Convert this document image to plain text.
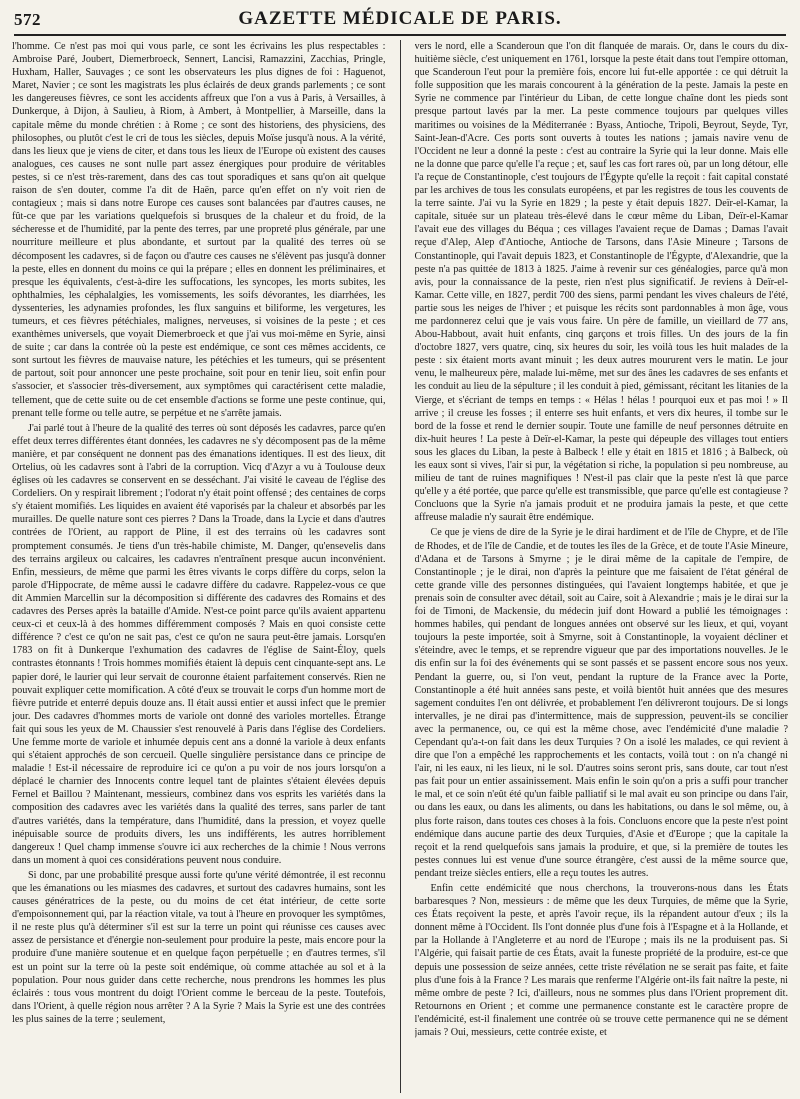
572	GAZETTE MÉDICALE DE PARIS.

l'homme. Ce n'est pas moi qui vous parle, ce sont les écrivains les plus respectables : Ambroise Paré, Joubert, Diemerbroeck, Sennert, Lancisi, Ramazzini, Zacchias, Pringle, Huxham, Haller, Sauvages ; ce sont les observateurs les plus dignes de foi : Haguenot, Maret, Navier ; ce sont les magistrats les plus éclairés de deux grands parlements ; ce sont les dangereuses fièvres, ce sont les accidents affreux que l'on a vus à Paris, à Versailles, à Dunkerque, à Dijon, à Saulieu, à Riom, à Ambert, à Montpellier, à Marseille, dans la capitale même du monde chrétien : à Rome ; ce sont des historiens, des physiciens, des philosophes, ou plutôt c'est le cri de tous les siècles, depuis Moïse jusqu'à nous. A la vérité, dans les lieux que je viens de citer, et dans tous les lieux de l'Europe où existent des causes analogues, ces causes ne sont nulle part assez énergiques pour produire de véritables pestes, si ce n'est très-rarement, dans des cas tout sporadiques et sans qu'on ait quelque raison de s'en douter, comme l'a dit de Haën, parce qu'en effet on n'y voit rien de contagieux ; mais si dans notre Europe ces causes sont balancées par d'autres causes, ne fût-ce que par les variations quelquefois si brusques de la chaleur et du froid, de la sécheresse et de l'humidité, par la pente des terres, par une propreté plus générale, par une nourriture meilleure et plus abondante, et surtout par la qualité des terres où se décomposent les cadavres, si de façon ou d'autre ces causes ne s'élèvent pas jusqu'à donner la peste, elles en donnent du moins ce qui la prépare ; elles en donnent les préliminaires, et presque les équivalents, c'est-à-dire les suffocations, les syncopes, les morts subites, les ophthalmies, les céphalalgies, les vomissements, les soifs dévorantes, les diarrhées, les dyssenteries, les adynamies profondes, les flux sanguins et biliforme, les vergetures, les tumeurs, et ces fièvres pétéchiales, malignes, nerveuses, si voisines de la peste ; et ces exanthèmes universels, que voyait Diemerbroeck et que j'ai vus moi-même en Syrie, ainsi de suite ; car dans la contrée où la peste est endémique, ce sont ces mêmes accidents, ce sont surtout les fièvres de mauvaise nature, les pétéchies et les tumeurs, qui se présentent de partout, soit pour annoncer une peste prochaine, soit pour en tenir lieu, soit enfin pour s'associer, et s'associer très-diversement, aux symptômes qui caractérisent cette maladie, tellement, que de cette suite ou de cet ensemble d'actions se forme une peste continue, qui, prenant telle forme ou telle autre, se perpétue et ne s'arrête jamais.

J'ai parlé tout à l'heure de la qualité des terres où sont déposés les cadavres, parce qu'en effet deux terres différentes étant données, les cadavres ne s'y décomposent pas de la même manière, et par conséquent ne donnent pas des émanations identiques. Il est des lieux, dit Ortelius, où les cadavres sont à l'abri de la corruption. Vicq d'Azyr a vu à Toulouse deux églises où les cadavres se conservent en se desséchant. J'ai visité le caveau de l'église des Cordeliers. On y respirait librement ; l'odorat n'y était point offensé ; des centaines de corps s'y étaient momifiés. Les liquides en avaient été vaporisés par la chaleur et absorbés par les murailles. De quelle nature sont ces pierres ? Dans la Troade, dans la Lycie et dans d'autres contrées de l'Orient, au rapport de Pline, il est des terrains où les cadavres sont promptement consumés. Je tiens d'un très-habile chimiste, M. Danger, qu'ensevelis dans des terrains argileux ou calcaires, les cadavres n'entraînent presque aucun inconvénient. Enfin, messieurs, de même que parmi les êtres vivants le corps diffère du corps, selon la parole d'Hippocrate, de même aussi le cadavre diffère du cadavre. Rappelez-vous ce que dit Ammien Marcellin sur la décomposition si différente des cadavres des Romains et des cadavres des Perses après la bataille d'Amide. N'est-ce point parce qu'ils avaient appartenu ceux-ci et ceux-là à des hommes différemment composés ? Mais en quoi consiste cette différence ? c'est ce qu'on ne sait pas, c'est ce qu'on ne saura peut-être jamais. Lorsqu'en 1783 on fit à Dunkerque l'exhumation des cadavres de l'église de Saint-Éloy, quels contrastes étonnants ! Trois hommes momifiés étaient là depuis cent cinquante-sept ans. Le papier doré, le laurier qui leur servait de couronne étaient parfaitement conservés. Rien ne pouvait expliquer cette momification. A côté d'eux se trouvait le corps d'un homme mort de fièvre putride et enterré depuis douze ans. Il était aussi entier et aussi infect que le premier jour. Des cadavres d'hommes morts de variole ont donné des varioles mortelles. Étrange fait qui sous les yeux de M. Chaussier s'est renouvelé à Paris dans l'église des Cordeliers. Une femme morte de variole et inhumée depuis cent ans a donné la variole à deux enfants qui s'étaient approchés de son cercueil. Quelle singulière persistance dans ce principe de maladie ! Est-il nécessaire de reproduire ici ce qu'on a pu voir de nos jours lorsqu'on a déplacé le charnier des Innocents contre lequel tant de plaintes s'étaient élevées depuis Fernel et Baillou ? Maintenant, messieurs, combinez dans vos esprits les variétés dans la composition des cadavres avec les variétés dans la qualité des terres, sans parler de tant d'autres variétés, dans la température, dans l'humidité, dans la pression, et voyez quelle inépuisable source de produits divers, les uns indifférents, les autres horriblement dangereux ! Quel champ immense s'ouvre ici aux recherches de la chimie ! Nous verrons dans un moment à quoi ces considérations peuvent nous conduire.

Si donc, par une probabilité presque aussi forte qu'une vérité démontrée, il est reconnu que les émanations ou les miasmes des cadavres, et surtout des cadavres humains, sont les causes génératrices de la peste, ou du moins de cet état intérieur, de cette sorte d'empoisonnement qui, par la réaction vitale, va tout à l'heure en provoquer les symptômes, il ne reste plus qu'à déterminer s'il est sur la terre un point qui réunisse ces causes avec assez de persistance et d'énergie non-seulement pour produire la peste, mais encore pour la produire d'une manière soutenue et en quelque façon perpétuelle ; en d'autres termes, s'il est un point sur la terre où la peste soit endémique, où comme attachée au sol et à la population. Pour nous guider dans cette recherche, nous prendrons les hommes les plus éclairés : tous vous montrent du doigt l'Orient comme le berceau de la peste. Toutefois, dans l'Orient, à quelle région nous arrêter ? A la Syrie ? Mais la Syrie est une des contrées les plus saines de la terre ; seulement,

vers le nord, elle a Scanderoun que l'on dit flanquée de marais. Or, dans le cours du dix-huitième siècle, c'est uniquement en 1761, lorsque la peste était dans tout l'empire ottoman, que Scanderoun l'eut pour la première fois, encore lui fut-elle apportée : ce qui détruit la folle supposition que les marais concourent à la génération de la peste. Jamais la peste en Syrie ne commence par l'intérieur du Liban, de cette longue chaîne dont les pieds sont presque partout lavés par la mer. La peste commence toujours par quelques villes maritimes ou voisines de la Méditerranée : Byass, Antioche, Tripoli, Beyrout, Seyde, Tyr, Saint-Jean-d'Acre. Ces ports sont ouverts à toutes les nations ; jamais navire venu de l'Occident ne leur a donné la peste : c'est au contraire la Syrie qui la leur donne. Mais elle ne la donne que parce qu'elle l'a reçue ; et, sauf les cas fort rares où, par un long détour, elle l'a reçue de Constantinople, c'est toujours de l'Égypte qu'elle la reçoit : fait capital constaté par les archives de tous les consulats européens, et par les registres de tous les couvents de la terre sainte. J'ai vu la Syrie en 1829 ; la peste y était depuis 1827. Deïr-el-Kamar, la capitale, située sur un plateau très-élevé dans le cœur même du Liban, Deïr-el-Kamar l'avait eue des villages du Béqua ; ces villages l'avaient reçue de Damas ; Damas l'avait reçue d'Alep, Alep d'Antioche, Antioche de Tarsons, dans l'Asie Mineure ; Tarsons de Constantinople, qui l'avait depuis 1823, et Constantinople de l'Égypte, d'Alexandrie, que la peste n'a pas quittée de 1813 à 1825. J'aime à revenir sur ces généalogies, parce qu'à mon avis, pour la connaissance de la peste, rien n'est plus significatif. Je reviens à Deïr-el-Kamar. Cette ville, en 1827, perdit 700 des siens, parmi pendant les vives chaleurs de l'été, partie sous les neiges de l'hiver ; et puisque les récits sont pardonnables à mon âge, vous me pardonnerez celui que je vais vous faire. Un père de famille, un vieillard de 77 ans, Abou-Habbout, avait huit enfants, cinq garçons et trois filles. Un des jours de la fin d'octobre 1827, vers quatre, cinq, six heures du soir, les voilà tous les huit malades de la peste : six étaient morts avant minuit ; les deux autres moururent vers le matin. Le jour venu, le malheureux père, malade lui-même, met sur des ânes les cadavres de ses enfants et les conduit au lieu de la sépulture ; il les conduit à pied, gémissant, récitant les litanies de la Vierge, et s'écriant de temps en temps : « Hélas ! hélas ! pourquoi eux et pas moi ! » Il arrive ; il creuse les fosses ; il enterre ses huit enfants, et vers dix heures, il tombe sur le bord de la fosse et rend le dernier soupir. Toute une famille de neuf personnes détruite en dix-huit heures ! La peste à Deïr-el-Kamar, la peste qui dépeuple des villages tout entiers sous les glaces du Liban, la peste à Balbeck ! elle y était en 1815 et 1816 ; à Balbeck, où les eaux sont si vives, l'air si pur, la végétation si riche, la population si peu nombreuse, au milieu de tant de ruines magnifiques ! N'est-il pas clair que la peste n'est là que parce qu'elle y a été portée, que parce qu'elle est transmissible, que parce qu'elle est contagieuse ? Concluons que la Syrie n'a jamais produit et ne produira jamais la peste, et que cette affreuse maladie n'y saurait être endémique.

Ce que je viens de dire de la Syrie je le dirai hardiment et de l'île de Chypre, et de l'île de Rhodes, et de l'île de Candie, et de toutes les îles de la Grèce, et de toute l'Asie Mineure, d'Adana et de Tarsons à Smyrne ; je le dirai même de la capitale de l'empire, de Constantinople ; je le dirai, non d'après la peinture que me faisaient de l'état général de cette grande ville des personnes distinguées, qui l'avaient longtemps habitée, et que je prenais soin de consulter avec détail, soit au Caire, soit à Alexandrie ; mais je le dirai sur la foi de Timoni, de Mackensie, du médecin juif dont Howard a publié les témoignages : hommes habiles, qui pendant de longues années ont observé sur les lieux, et qui, voyant toujours la peste importée, soit à Smyrne, soit à Constantinople, la voyaient décliner et s'éteindre, avec le temps, et se reprendre vigueur que par des importations nouvelles. Je le dis enfin sur la foi des événements qui se sont passés et se passent encore sous nos yeux. Pendant la guerre, ou, si l'on veut, pendant la rupture de la France avec la Porte, Constantinople a été huit années sans peste, et voilà bientôt huit années que des mesures sagement conduites l'en ont délivrée, et probablement l'en délivreront toujours. De si longs intervalles, je ne dirai pas d'intermittence, mais de suppression, peuvent-ils se concilier avec la permanence, ou, ce qui est la même chose, avec l'endémicité d'une maladie ? Cependant qu'a-t-on fait dans les deux Turquies ? On a isolé les malades, ce qui revient à dire que l'on a empêché les rapprochements et les contacts, voilà tout : on n'a changé ni l'air, ni les eaux, ni les lieux, ni le sol. D'autres soins seront pris, sans doute, car tout n'est pas fait pour un entier assainissement. Mais enfin le soin qu'on a pris a suffi pour trancher le mal, et ce soin n'eût été qu'un faible palliatif si le mal avait eu son principe ou dans l'air, ou dans les eaux, ou dans les aliments, ou dans les habitations, ou dans le sol même, ou, à plus forte raison, dans toutes ces choses à la fois. Concluons encore que la peste n'est point endémique dans aucune partie des deux Turquies, d'Asie et d'Europe ; que la capitale la reçoit et la rend quelquefois sans jamais la produire, et que, si la première de toutes les pestes connues lui est venue d'une source étrangère, c'est aussi de la même source que, pendant treize siècles entiers, elle a reçu toutes les autres.

Enfin cette endémicité que nous cherchons, la trouverons-nous dans les États barbaresques ? Non, messieurs : de même que les deux Turquies, de même que la Syrie, ces États reçoivent la peste, et après l'avoir reçue, ils la répandent autour d'eux ; ils la donnent même à l'Occident. Ils l'ont donnée plus d'une fois à l'Espagne et à la Hollande, et par la Hollande à l'Angleterre et au nord de l'Europe ; mais ils ne la produisent pas. Si l'Algérie, qui faisait partie de ces États, avait la funeste propriété de la produire, est-ce que depuis une possession de seize années, cette triste révélation ne se serait pas faite, et faite plus d'une fois à la France ? Les marais que renferme l'Algérie ont-ils fait naître la peste, ni même ombre de peste ? Ici, d'ailleurs, nous ne sommes plus dans l'Orient proprement dit. Retournons en Orient ; et comme une permanence constante est le caractère propre de l'endémicité, est-il finalement une contrée où se trouve cette permanence qui ne se dément jamais ? Oui, messieurs, cette contrée existe, et
